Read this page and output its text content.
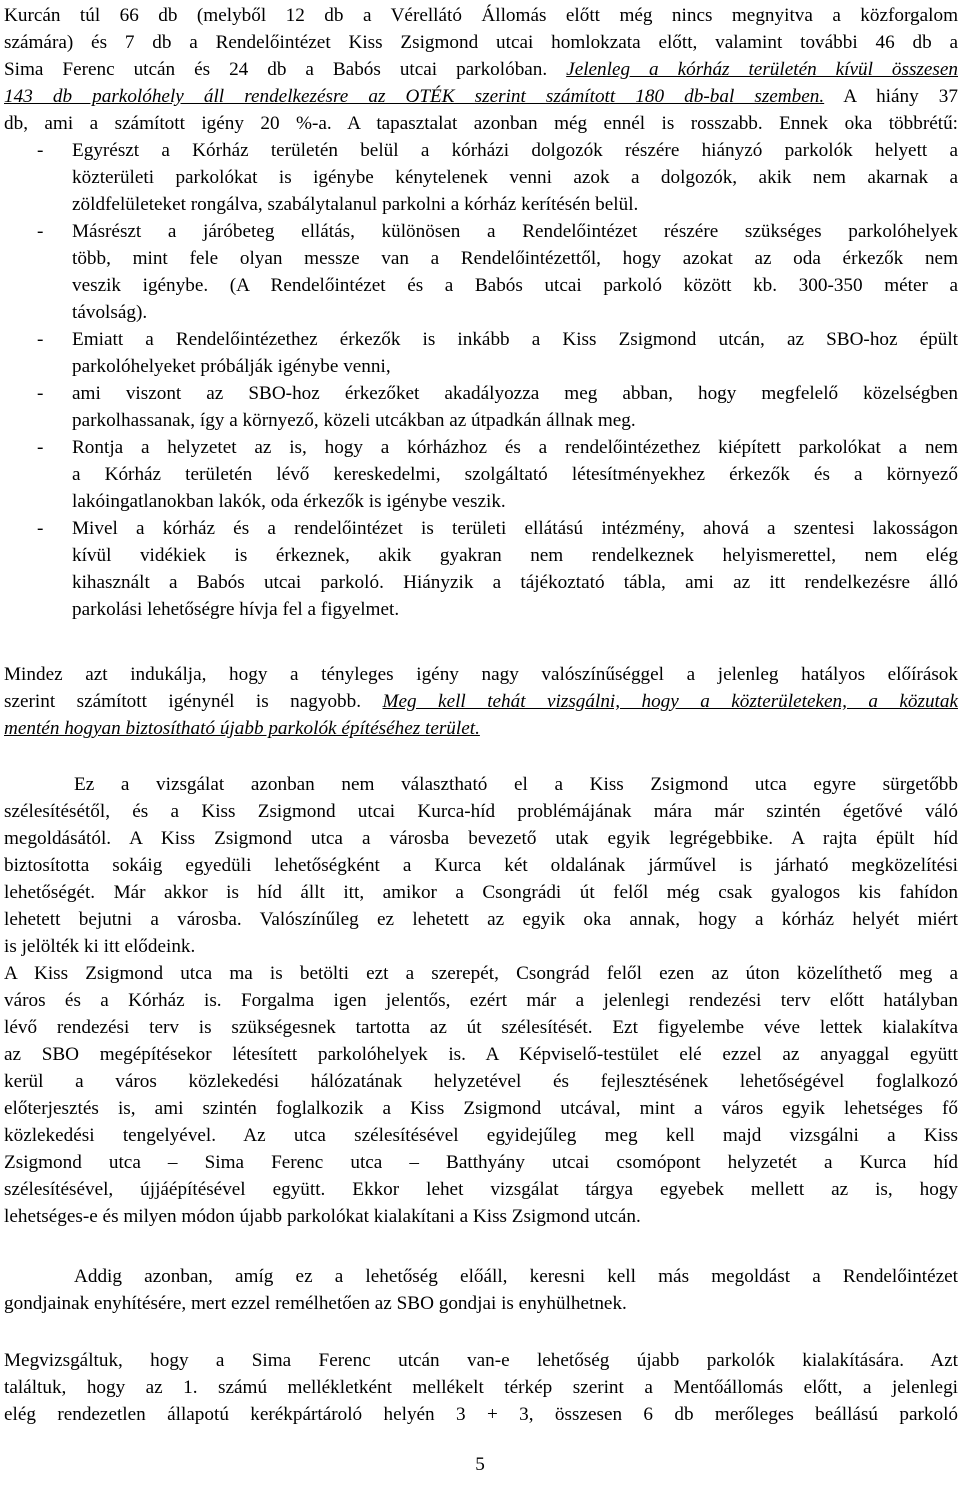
Kurcán túl 66 db (melyből 12 db a Vérellátó Állomás előtt még nincs megnyitva a közforgalom
számára) és 7 db a Rendelőintézet Kiss Zsigmond utcai homlokzata előtt, valamint további 46 db a
Sima Ferenc utcán és 24 db a Babós utcai parkolóban. Jelenleg a kórház területén kívül összesen
143 db parkolóhely áll rendelkezésre az OTÉK szerint számított 180 db-bal szemben. A hiány 37
db, ami a számított igény 20 %-a. A tapasztalat azonban még ennél is rosszabb. Ennek oka többrétű:
- Egyrészt a Kórház területén belül a kórházi dolgozók részére hiányzó parkolók helyett a
közterületi parkolókat is igénybe kénytelenek venni azok a dolgozók, akik nem akarnak a
zöldfelületeket rongálva, szabálytalanul parkolni a kórház kerítésén belül.
- Másrészt a járóbeteg ellátás, különösen a Rendelőintézet részére szükséges parkolóhelyek
több, mint fele olyan messze van a Rendelőintézettől, hogy azokat az oda érkezők nem
veszik igénybe. (A Rendelőintézet és a Babós utcai parkoló között kb. 300-350 méter a
távolság).
- Emiatt a Rendelőintézethez érkezők is inkább a Kiss Zsigmond utcán, az SBO-hoz épült
parkolóhelyeket próbálják igénybe venni,
- ami viszont az SBO-hoz érkezőket akadályozza meg abban, hogy megfelelő közelségben
parkolhassanak, így a környező, közeli utcákban az útpadkán állnak meg.
- Rontja a helyzetet az is, hogy a kórházhoz és a rendelőintézethez kiépített parkolókat a nem
a Kórház területén lévő kereskedelmi, szolgáltató létesítményekhez érkezők és a környező
lakóingatlanokban lakók, oda érkezők is igénybe veszik.
- Mivel a kórház és a rendelőintézet is területi ellátású intézmény, ahová a szentesi lakosságon
kívül vidékiek is érkeznek, akik gyakran nem rendelkeznek helyismerettel, nem elég
kihasznált a Babós utcai parkoló. Hiányzik a tájékoztató tábla, ami az itt rendelkezésre álló
parkolási lehetőségre hívja fel a figyelmet.
Mindez azt indukálja, hogy a tényleges igény nagy valószínűséggel a jelenleg hatályos előírások
szerint számított igénynél is nagyobb. Meg kell tehát vizsgálni, hogy a közterületeken, a közutak
mentén hogyan biztosítható újabb parkolók építéséhez terület.
Ez a vizsgálat azonban nem választható el a Kiss Zsigmond utca egyre sürgetőbb
szélesítésétől, és a Kiss Zsigmond utcai Kurca-híd problémájának mára már szintén égetővé váló
megoldásától. A Kiss Zsigmond utca a városba bevezető utak egyik legrégebbike. A rajta épült híd
biztosította sokáig egyedüli lehetőségként a Kurca két oldalának járművel is járható megközelítési
lehetőségét. Már akkor is híd állt itt, amikor a Csongrádi út felől még csak gyalogos kis fahídon
lehetett bejutni a városba. Valószínűleg ez lehetett az egyik oka annak, hogy a kórház helyét miért
is jelölték ki itt elődeink.
A Kiss Zsigmond utca ma is betölti ezt a szerepét, Csongrád felől ezen az úton közelíthető meg a
város és a Kórház is. Forgalma igen jelentős, ezért már a jelenlegi rendezési terv előtt hatályban
lévő rendezési terv is szükségesnek tartotta az út szélesítését. Ezt figyelembe véve lettek kialakítva
az SBO megépítésekor létesített parkolóhelyek is. A Képviselő-testület elé ezzel az anyaggal együtt
kerül a város közlekedési hálózatának helyzetével és fejlesztésének lehetőségével foglalkozó
előterjesztés is, ami szintén foglalkozik a Kiss Zsigmond utcával, mint a város egyik lehetséges fő
közlekedési tengelyével. Az utca szélesítésével egyidejűleg meg kell majd vizsgálni a Kiss
Zsigmond utca – Sima Ferenc utca – Batthyány utcai csomópont helyzetét a Kurca híd
szélesítésével, újjáépítésével együtt. Ekkor lehet vizsgálat tárgya egyebek mellett az is, hogy
lehetséges-e és milyen módon újabb parkolókat kialakítani a Kiss Zsigmond utcán.
Addig azonban, amíg ez a lehetőség előáll, keresni kell más megoldást a Rendelőintézet
gondjainak enyhítésére, mert ezzel remélhetően az SBO gondjai is enyhülhetnek.
Megvizsgáltuk, hogy a Sima Ferenc utcán van-e lehetőség újabb parkolók kialakítására. Azt
találtuk, hogy az 1. számú mellékletként mellékelt térkép szerint a Mentőállomás előtt, a jelenlegi
elég rendezetlen állapotú kerékpártároló helyén 3 + 3, összesen 6 db merőleges beállású parkoló
5
